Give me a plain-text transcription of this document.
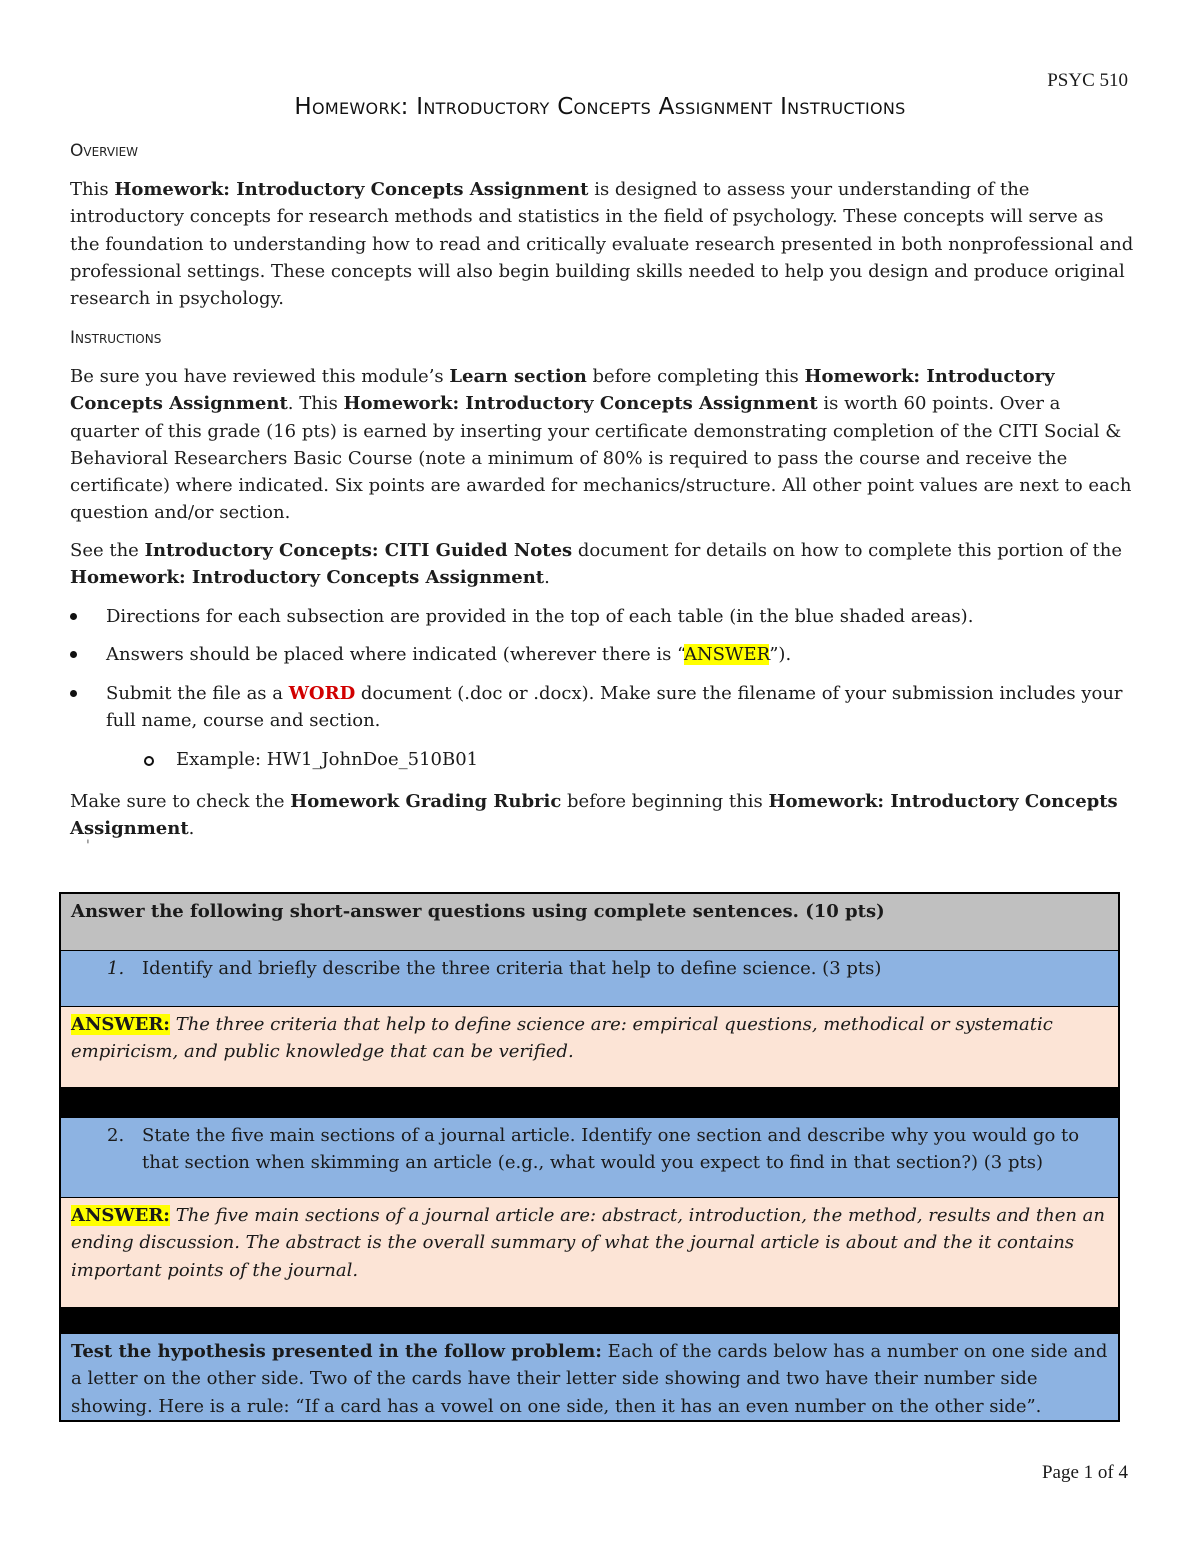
PSYC 510
Homework: Introductory Concepts Assignment Instructions
Overview
This Homework: Introductory Concepts Assignment is designed to assess your understanding of the introductory concepts for research methods and statistics in the field of psychology. These concepts will serve as the foundation to understanding how to read and critically evaluate research presented in both nonprofessional and professional settings. These concepts will also begin building skills needed to help you design and produce original research in psychology.
Instructions
Be sure you have reviewed this module’s Learn section before completing this Homework: Introductory Concepts Assignment. This Homework: Introductory Concepts Assignment is worth 60 points. Over a quarter of this grade (16 pts) is earned by inserting your certificate demonstrating completion of the CITI Social & Behavioral Researchers Basic Course (note a minimum of 80% is required to pass the course and receive the certificate) where indicated. Six points are awarded for mechanics/structure. All other point values are next to each question and/or section.
See the Introductory Concepts: CITI Guided Notes document for details on how to complete this portion of the Homework: Introductory Concepts Assignment.
Directions for each subsection are provided in the top of each table (in the blue shaded areas).
Answers should be placed where indicated (wherever there is “ANSWER”).
Submit the file as a WORD document (.doc or .docx). Make sure the filename of your submission includes your full name, course and section.
Example: HW1_JohnDoe_510B01
Make sure to check the Homework Grading Rubric before beginning this Homework: Introductory Concepts Assignment.
'
Answer the following short-answer questions using complete sentences. (10 pts)
1. Identify and briefly describe the three criteria that help to define science. (3 pts)
ANSWER: The three criteria that help to define science are: empirical questions, methodical or systematic empiricism, and public knowledge that can be verified.
2. State the five main sections of a journal article. Identify one section and describe why you would go to that section when skimming an article (e.g., what would you expect to find in that section?) (3 pts)
ANSWER: The five main sections of a journal article are: abstract, introduction, the method, results and then an ending discussion. The abstract is the overall summary of what the journal article is about and the it contains important points of the journal.
Test the hypothesis presented in the follow problem: Each of the cards below has a number on one side and a letter on the other side. Two of the cards have their letter side showing and two have their number side showing. Here is a rule: “If a card has a vowel on one side, then it has an even number on the other side”.
Page 1 of 4
